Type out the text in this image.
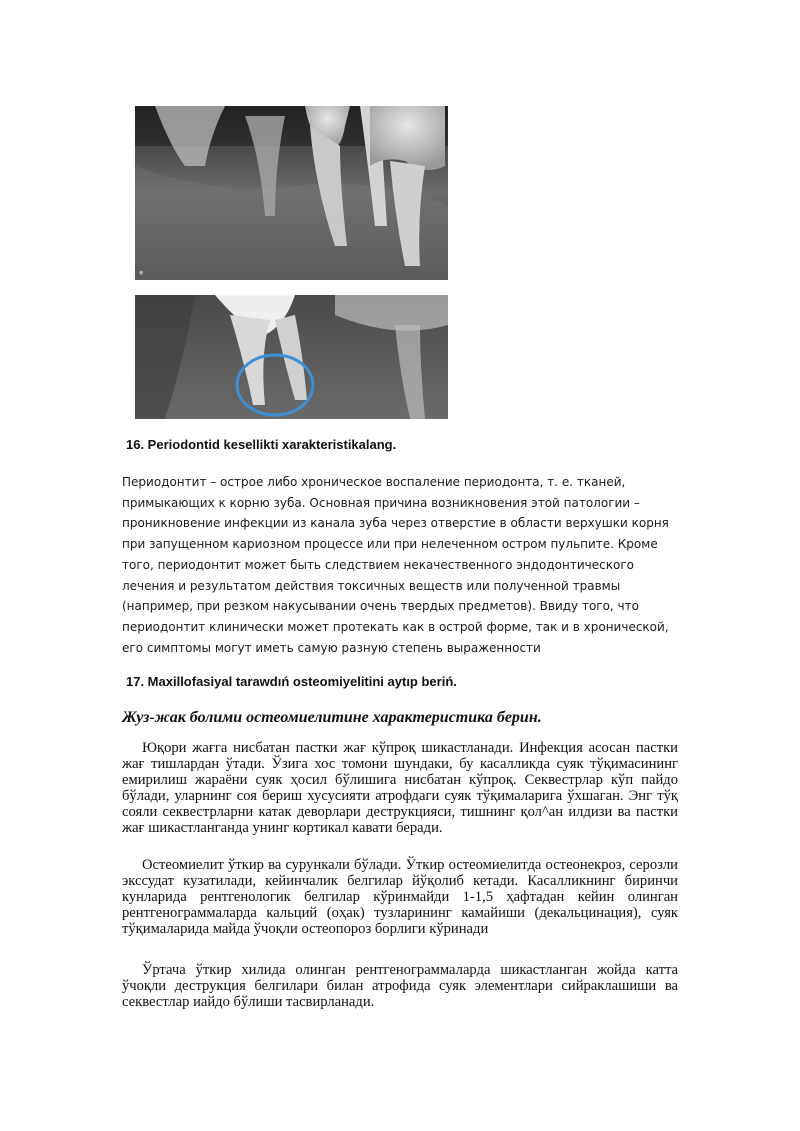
●
16. Periodontid kesellikti xarakteristikalang.

Периодонтит – острое либо хроническое воспаление периодонта, т. е. тканей, примыкающих к корню зуба. Основная причина возникновения этой патологии – проникновение инфекции из канала зуба через отверстие в области верхушки корня при запущенном кариозном процессе или при нелеченном остром пульпите. Кроме того, периодонтит может быть следствием некачественного эндодонтического лечения и результатом действия токсичных веществ или полученной травмы (например, при резком накусывании очень твердых предметов). Ввиду того, что периодонтит клинически может протекать как в острой форме, так и в хронической, его симптомы могут иметь самую разную степень выраженности

17. Maxillofasiyal tarawdıń osteomiyelitini aytıp beriń.
Жуз-жак болими остеомиелитине характеристика берин.

Юқори жағга нисбатан пастки жағ кўпроқ шикастланади. Инфекция асосан пастки жағ тишлардан ўтади. Ўзига хос томони шундаки, бу касалликда суяк тўқимасининг емирилиш жараёни суяк ҳосил бўлишига нисбатан кўпроқ. Секвестрлар кўп пайдо бўлади, уларнинг соя бериш хусусияти атрофдаги суяк тўқималарига ўхшаган. Энг тўқ сояли секвестрларни катак деворлари деструкцияси, тишнинг қол^ан илдизи ва пастки жағ шикастланганда унинг кортикал кавати беради.

Остеомиелит ўткир ва сурункали бўлади. Ўткир остеомиелитда остеонекроз, серозли экссудат кузатилади, кейинчалик белгилар йўқолиб кетади. Касалликнинг биринчи кунларида рентгенологик белгилар кўринмайди 1-1,5 ҳафтадан кейин олинган рентгенограммаларда кальций (оҳак) тузларининг камайиши (декальцинация), суяк тўқималарида майда ўчоқли остеопороз борлиги кўринади

Ўртача ўткир хилида олинган рентгенограммаларда шикастланган жойда катта ўчоқли деструкция белгилари билан атрофида суяк элементлари сийраклашиши ва секвестлар иайдо бўлиши тасвирланади.
